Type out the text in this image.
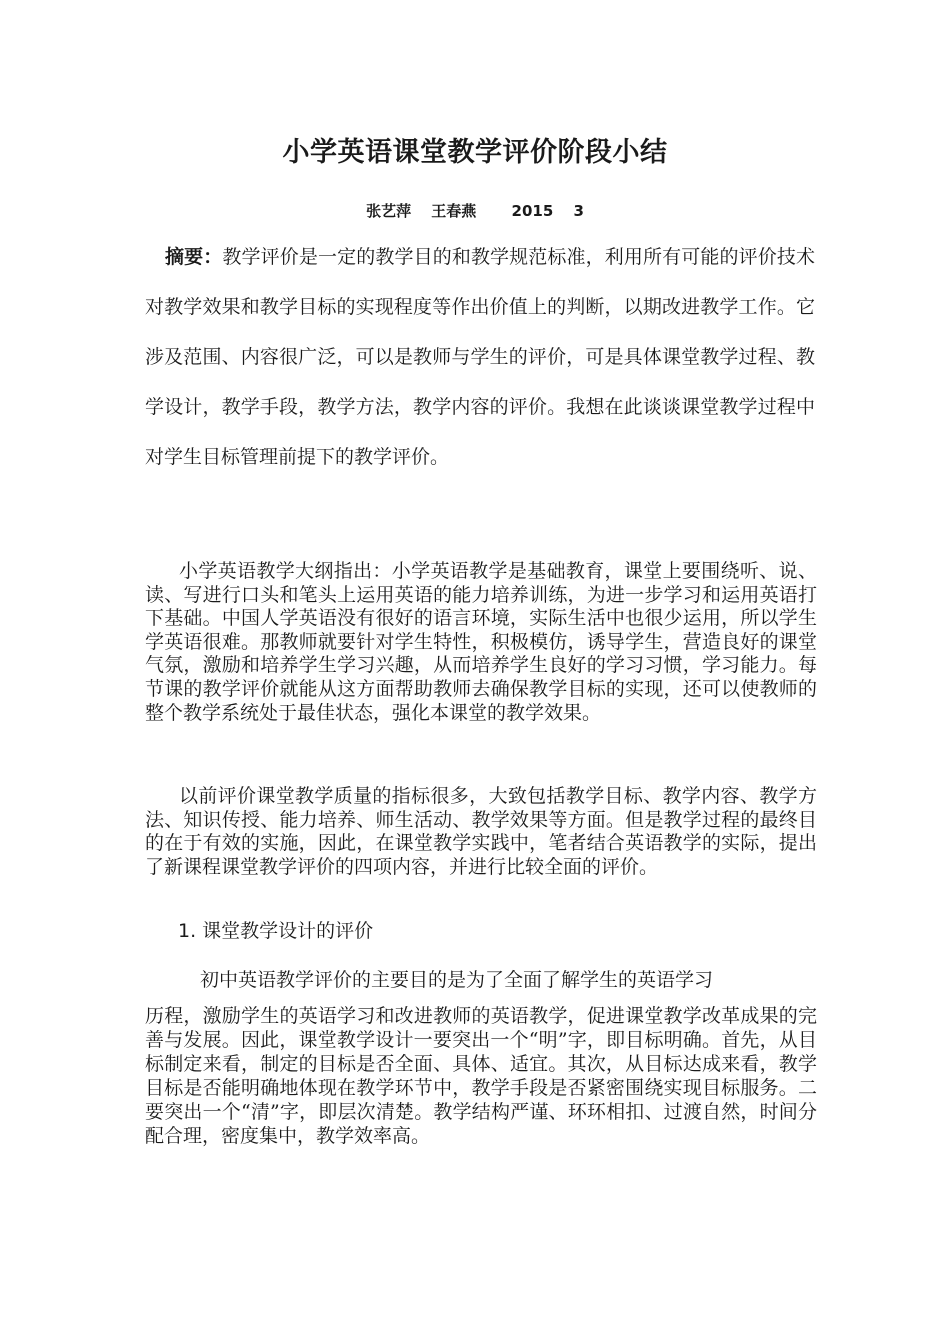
小学英语课堂教学评价阶段小结
张艺萍　 王春燕　　 2015　 3

摘要：教学评价是一定的教学目的和教学规范标准，利用所有可能的评价技术对教学效果和教学目标的实现程度等作出价值上的判断，以期改进教学工作。它涉及范围、内容很广泛，可以是教师与学生的评价，可是具体课堂教学过程、教学设计，教学手段，教学方法，教学内容的评价。我想在此谈谈课堂教学过程中对学生目标管理前提下的教学评价。

小学英语教学大纲指出：小学英语教学是基础教育，课堂上要围绕听、说、读、写进行口头和笔头上运用英语的能力培养训练，为进一步学习和运用英语打下基础。中国人学英语没有很好的语言环境，实际生活中也很少运用，所以学生学英语很难。那教师就要针对学生特性，积极模仿，诱导学生，营造良好的课堂气氛，激励和培养学生学习兴趣，从而培养学生良好的学习习惯，学习能力。每节课的教学评价就能从这方面帮助教师去确保教学目标的实现，还可以使教师的整个教学系统处于最佳状态，强化本课堂的教学效果。

以前评价课堂教学质量的指标很多，大致包括教学目标、教学内容、教学方法、知识传授、能力培养、师生活动、教学效果等方面。但是教学过程的最终目的在于有效的实施，因此，在课堂教学实践中，笔者结合英语教学的实际，提出了新课程课堂教学评价的四项内容，并进行比较全面的评价。

1. 课堂教学设计的评价

初中英语教学评价的主要目的是为了全面了解学生的英语学习

历程，激励学生的英语学习和改进教师的英语教学，促进课堂教学改革成果的完善与发展。因此，课堂教学设计一要突出一个“明”字，即目标明确。首先，从目标制定来看，制定的目标是否全面、具体、适宜。其次，从目标达成来看，教学目标是否能明确地体现在教学环节中，教学手段是否紧密围绕实现目标服务。二要突出一个“清”字，即层次清楚。教学结构严谨、环环相扣、过渡自然，时间分配合理，密度集中，教学效率高。
